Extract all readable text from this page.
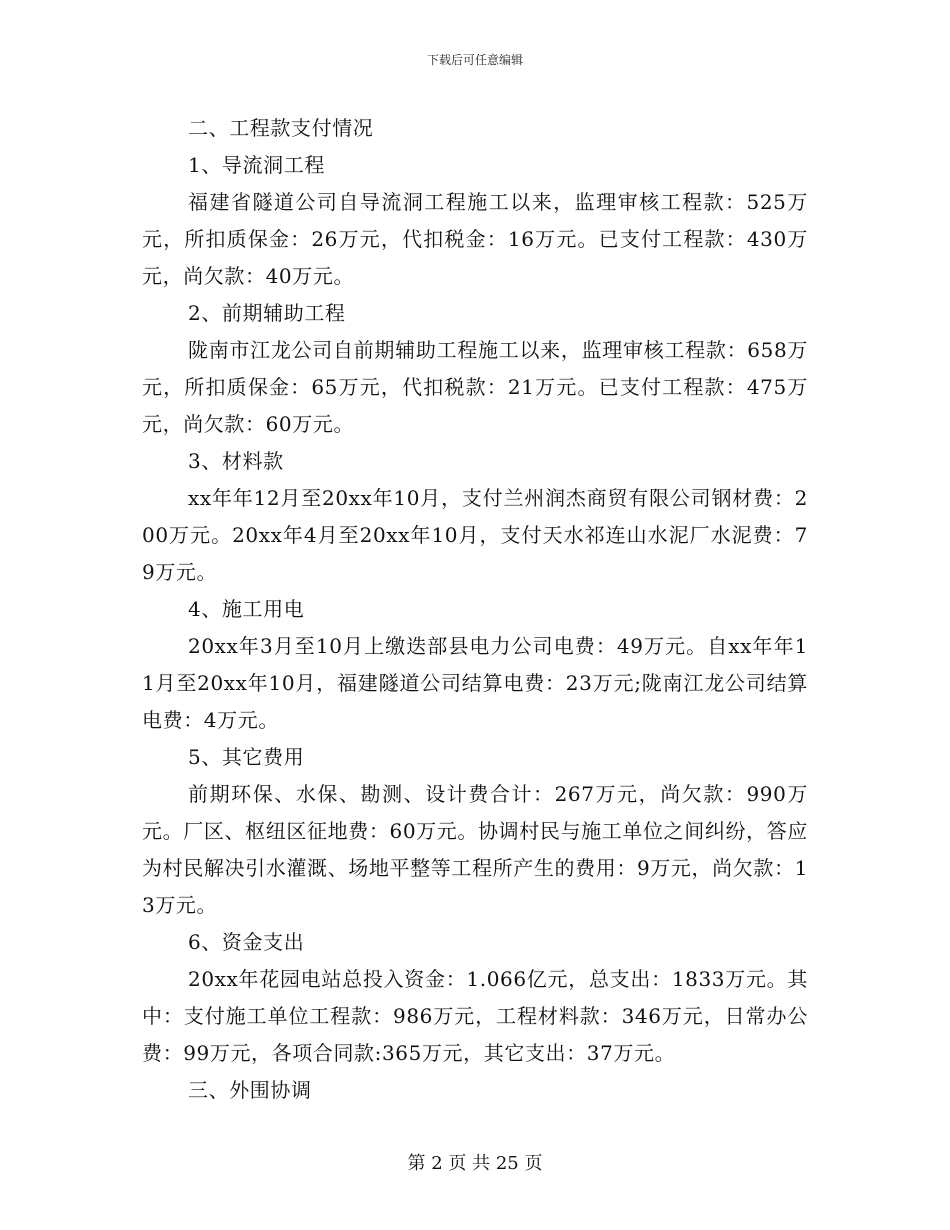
下载后可任意编辑

二、工程款支付情况

1、导流洞工程

福建省隧道公司自导流洞工程施工以来，监理审核工程款：525万元，所扣质保金：26万元，代扣税金：16万元。已支付工程款：430万元，尚欠款：40万元。

2、前期辅助工程

陇南市江龙公司自前期辅助工程施工以来，监理审核工程款：658万元，所扣质保金：65万元，代扣税款：21万元。已支付工程款：475万元，尚欠款：60万元。

3、材料款

xx年年12月至20xx年10月，支付兰州润杰商贸有限公司钢材费：200万元。20xx年4月至20xx年10月，支付天水祁连山水泥厂水泥费：79万元。

4、施工用电

20xx年3月至10月上缴迭部县电力公司电费：49万元。自xx年年11月至20xx年10月，福建隧道公司结算电费：23万元;陇南江龙公司结算电费：4万元。

5、其它费用

前期环保、水保、勘测、设计费合计：267万元，尚欠款：990万元。厂区、枢纽区征地费：60万元。协调村民与施工单位之间纠纷，答应为村民解决引水灌溉、场地平整等工程所产生的费用：9万元，尚欠款：13万元。

6、资金支出

20xx年花园电站总投入资金：1.066亿元，总支出：1833万元。其中：支付施工单位工程款：986万元，工程材料款：346万元，日常办公费：99万元，各项合同款:365万元，其它支出：37万元。

三、外围协调

第 2 页 共 25 页
